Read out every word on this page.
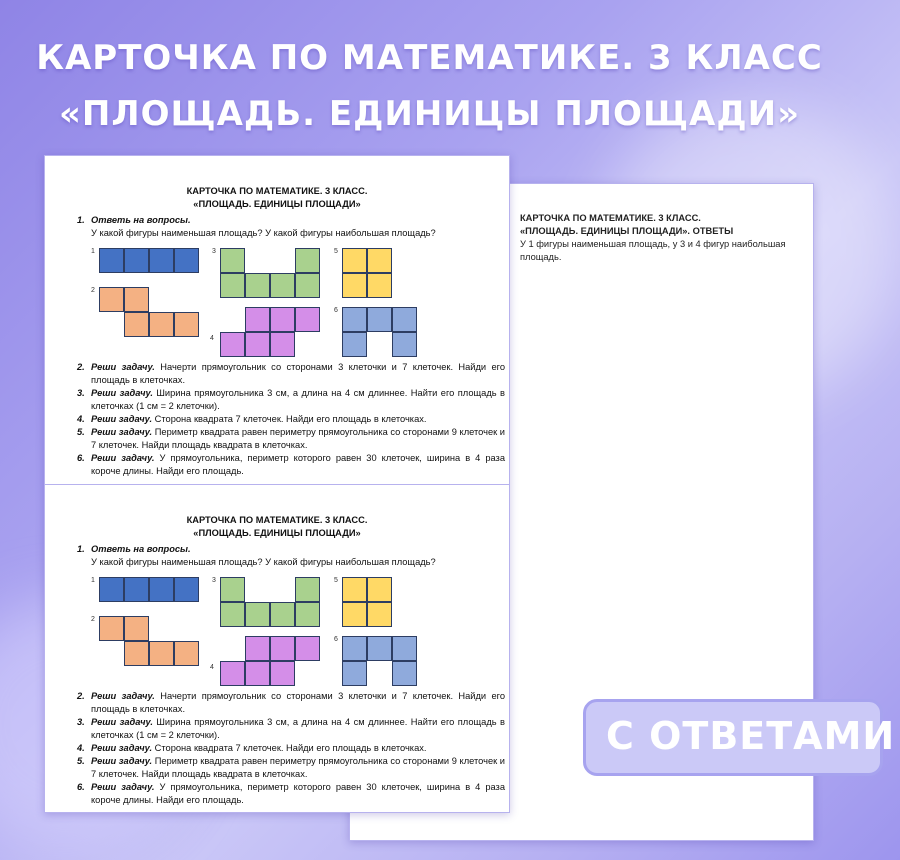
КАРТОЧКА ПО МАТЕМАТИКЕ. 3 КЛАСС
«ПЛОЩАДЬ. ЕДИНИЦЫ ПЛОЩАДИ»
КАРТОЧКА ПО МАТЕМАТИКЕ. 3 КЛАСС.
«ПЛОЩАДЬ. ЕДИНИЦЫ ПЛОЩАДИ». ОТВЕТЫ
У 1 фигуры наименьшая площадь, у 3 и 4 фигур наибольшая площадь.
КАРТОЧКА ПО МАТЕМАТИКЕ. 3 КЛАСС.
«ПЛОЩАДЬ. ЕДИНИЦЫ ПЛОЩАДИ»
1. Ответь на вопросы.
У какой фигуры наименьшая площадь? У какой фигуры наибольшая площадь?
1
2
3
4
5
6
2. Реши задачу. Начерти прямоугольник со сторонами 3 клеточки и 7 клеточек. Найди его площадь в клеточках.
3. Реши задачу. Ширина прямоугольника 3 см, а длина на 4 см длиннее. Найти его площадь в клеточках (1 см = 2 клеточки).
4. Реши задачу. Сторона квадрата 7 клеточек. Найди его площадь в клеточках.
5. Реши задачу. Периметр квадрата равен периметру прямоугольника со сторонами 9 клеточек и 7 клеточек. Найди площадь квадрата в клеточках.
6. Реши задачу. У прямоугольника, периметр которого равен 30 клеточек, ширина в 4 раза короче длины. Найди его площадь.
КАРТОЧКА ПО МАТЕМАТИКЕ. 3 КЛАСС.
«ПЛОЩАДЬ. ЕДИНИЦЫ ПЛОЩАДИ»
1. Ответь на вопросы.
У какой фигуры наименьшая площадь? У какой фигуры наибольшая площадь?
1
2
3
4
5
6
2. Реши задачу. Начерти прямоугольник со сторонами 3 клеточки и 7 клеточек. Найди его площадь в клеточках.
3. Реши задачу. Ширина прямоугольника 3 см, а длина на 4 см длиннее. Найти его площадь в клеточках (1 см = 2 клеточки).
4. Реши задачу. Сторона квадрата 7 клеточек. Найди его площадь в клеточках.
5. Реши задачу. Периметр квадрата равен периметру прямоугольника со сторонами 9 клеточек и 7 клеточек. Найди площадь квадрата в клеточках.
6. Реши задачу. У прямоугольника, периметр которого равен 30 клеточек, ширина в 4 раза короче длины. Найди его площадь.
С ОТВЕТАМИ
